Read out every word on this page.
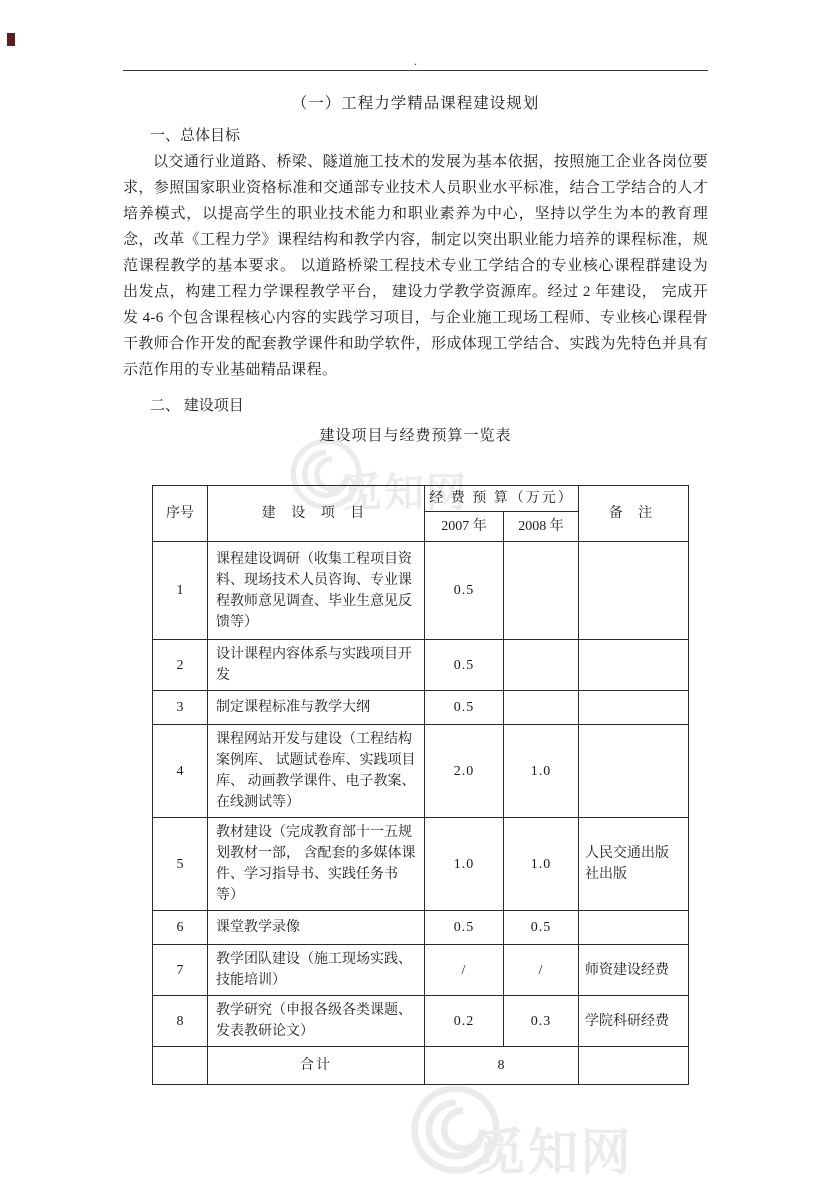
觅知网
觅知网
.
（一）工程力学精品课程建设规划
一、总体目标

以交通行业道路、桥梁、隧道施工技术的发展为基本依据，按照施工企业各岗位要求，参照国家职业资格标准和交通部专业技术人员职业水平标准，结合工学结合的人才培养模式，以提高学生的职业技术能力和职业素养为中心，坚持以学生为本的教育理念，改革《工程力学》课程结构和教学内容，制定以突出职业能力培养的课程标准，规范课程教学的基本要求。 以道路桥梁工程技术专业工学结合的专业核心课程群建设为出发点，构建工程力学课程教学平台， 建设力学教学资源库。经过 2 年建设， 完成开发 4-6 个包含课程核心内容的实践学习项目，与企业施工现场工程师、专业核心课程骨干教师合作开发的配套教学课件和助学软件，形成体现工学结合、实践为先特色并具有示范作用的专业基础精品课程。

二、 建设项目
建设项目与经费预算一览表
序号	建 设 项 目	经 费 预 算（万元）		备 注
		2007 年	2008 年	
1	课程建设调研（收集工程项目资料、现场技术人员咨询、专业课程教师意见调查、毕业生意见反馈等）	0.5		
2	设计课程内容体系与实践项目开发	0.5		
3	制定课程标准与教学大纲	0.5		
4	课程网站开发与建设（工程结构案例库、 试题试卷库、实践项目库、 动画教学课件、电子教案、在线测试等）	2.0	1.0	
5	教材建设（完成教育部十一五规划教材一部， 含配套的多媒体课件、学习指导书、实践任务书等）	1.0	1.0	人民交通出版社出版
6	课堂教学录像	0.5	0.5	
7	教学团队建设（施工现场实践、技能培训）	/	/	师资建设经费
8	教学研究（申报各级各类课题、发表教研论文）	0.2	0.3	学院科研经费
	合计	8		
